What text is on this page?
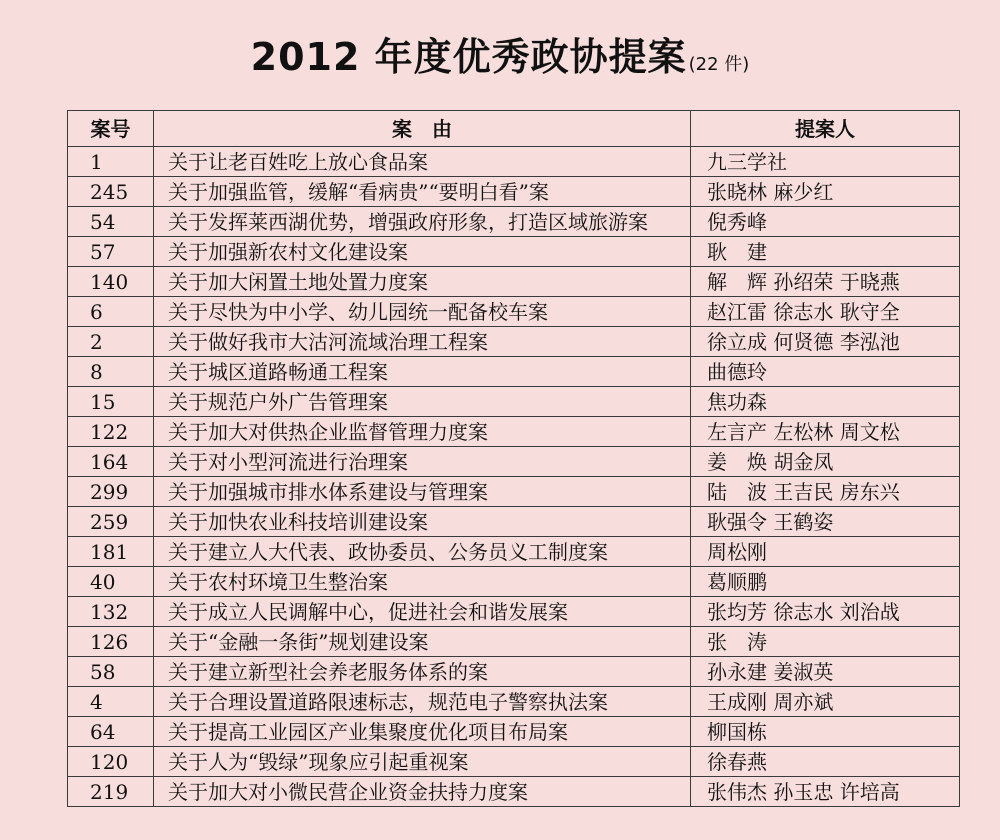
2012 年度优秀政协提案 (22 件)
案号	案　由	提案人
1	关于让老百姓吃上放心食品案	九三学社
245	关于加强监管，缓解“看病贵”“要明白看”案	张晓林 麻少红
54	关于发挥莱西湖优势，增强政府形象，打造区域旅游案	倪秀峰
57	关于加强新农村文化建设案	耿　建
140	关于加大闲置土地处置力度案	解　辉 孙绍荣 于晓燕
6	关于尽快为中小学、幼儿园统一配备校车案	赵江雷 徐志水 耿守全
2	关于做好我市大沽河流域治理工程案	徐立成 何贤德 李泓池
8	关于城区道路畅通工程案	曲德玲
15	关于规范户外广告管理案	焦功森
122	关于加大对供热企业监督管理力度案	左言产 左松林 周文松
164	关于对小型河流进行治理案	姜　焕 胡金凤
299	关于加强城市排水体系建设与管理案	陆　波 王吉民 房东兴
259	关于加快农业科技培训建设案	耿强令 王鹤姿
181	关于建立人大代表、政协委员、公务员义工制度案	周松刚
40	关于农村环境卫生整治案	葛顺鹏
132	关于成立人民调解中心，促进社会和谐发展案	张均芳 徐志水 刘治战
126	关于“金融一条街”规划建设案	张　涛
58	关于建立新型社会养老服务体系的案	孙永建 姜淑英
4	关于合理设置道路限速标志，规范电子警察执法案	王成刚 周亦斌
64	关于提高工业园区产业集聚度优化项目布局案	柳国栋
120	关于人为“毁绿”现象应引起重视案	徐春燕
219	关于加大对小微民营企业资金扶持力度案	张伟杰 孙玉忠 许培高
